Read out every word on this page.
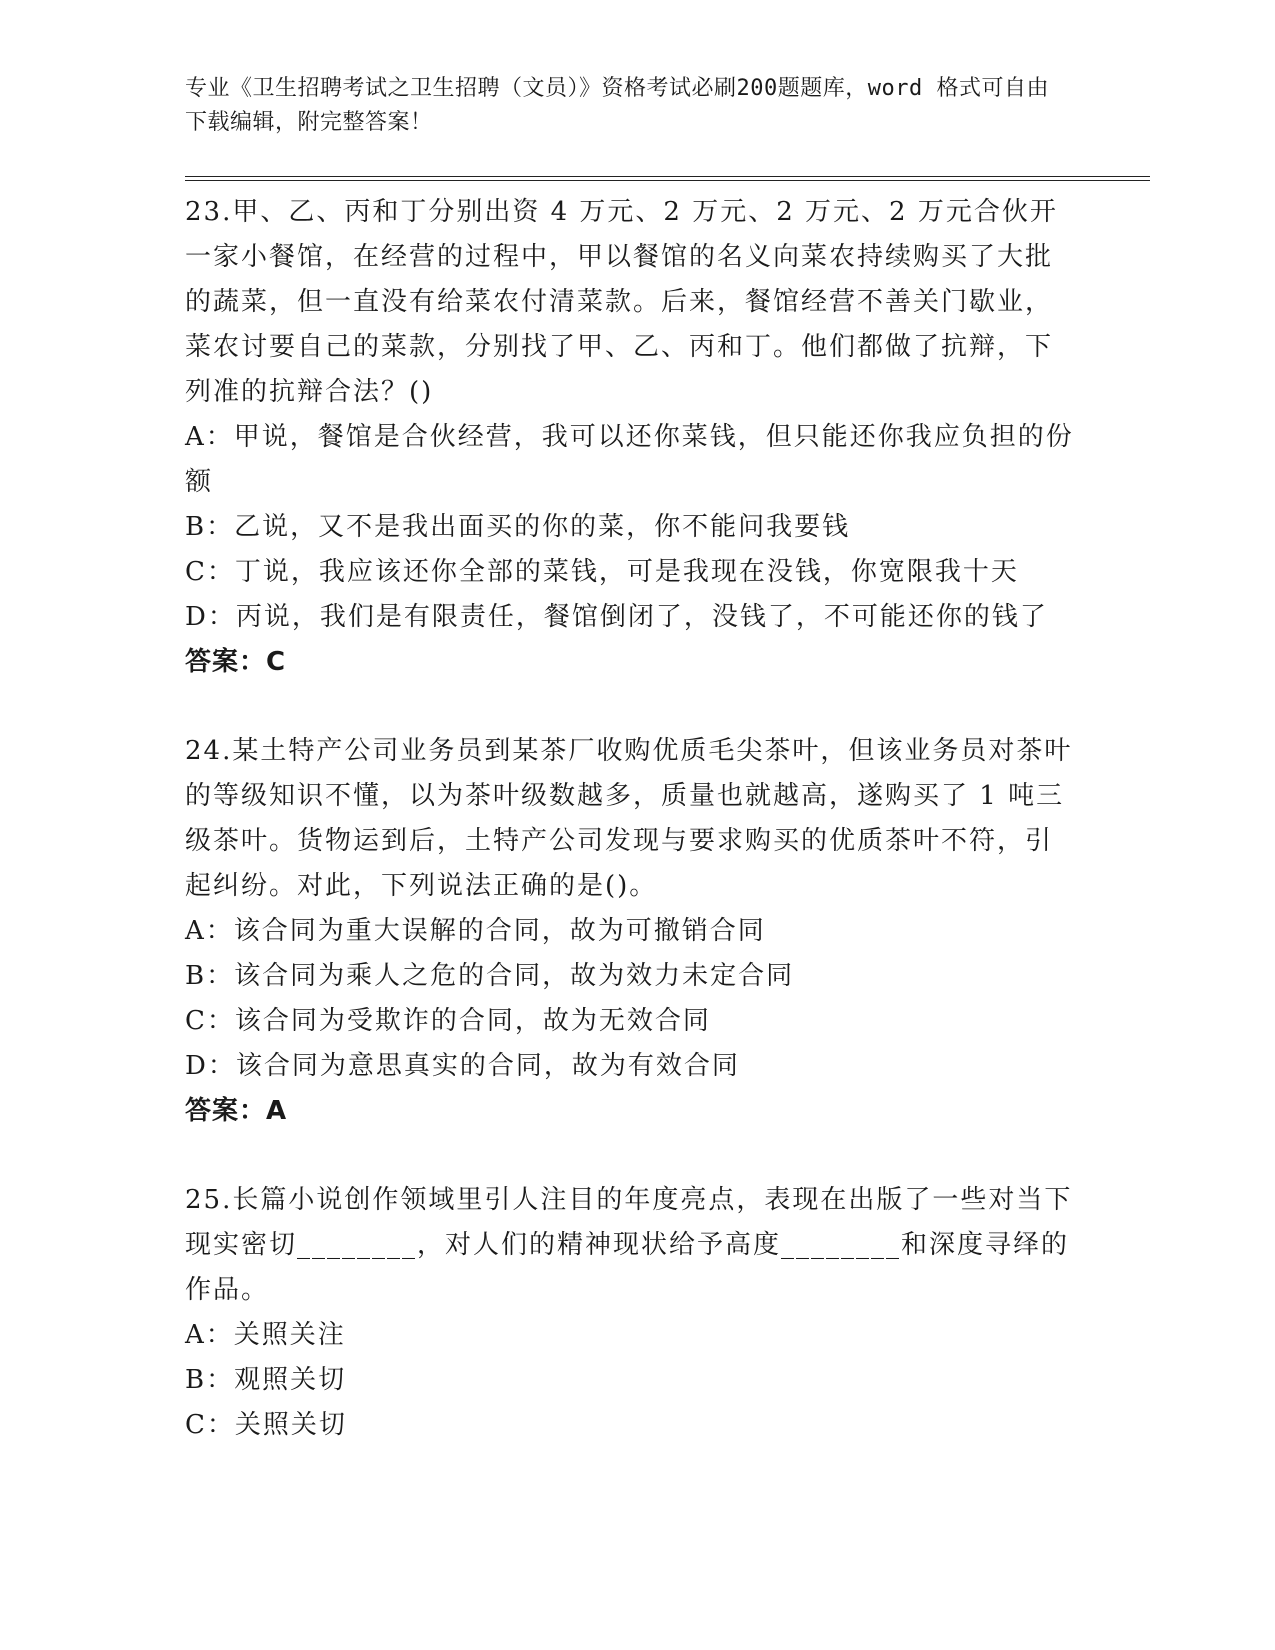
专业《卫生招聘考试之卫生招聘（文员）》资格考试必刷200题题库，word 格式可自由下载编辑，附完整答案！

23.甲、乙、丙和丁分别出资 4 万元、2 万元、2 万元、2 万元合伙开一家小餐馆，在经营的过程中，甲以餐馆的名义向菜农持续购买了大批的蔬菜，但一直没有给菜农付清菜款。后来，餐馆经营不善关门歇业，菜农讨要自己的菜款，分别找了甲、乙、丙和丁。他们都做了抗辩，下列准的抗辩合法？()

A：甲说，餐馆是合伙经营，我可以还你菜钱，但只能还你我应负担的份额

B：乙说，又不是我出面买的你的菜，你不能问我要钱

C：丁说，我应该还你全部的菜钱，可是我现在没钱，你宽限我十天

D：丙说，我们是有限责任，餐馆倒闭了，没钱了，不可能还你的钱了

答案：C

24.某土特产公司业务员到某茶厂收购优质毛尖茶叶，但该业务员对茶叶的等级知识不懂，以为茶叶级数越多，质量也就越高，遂购买了 1 吨三级茶叶。货物运到后，土特产公司发现与要求购买的优质茶叶不符，引起纠纷。对此，下列说法正确的是()。

A：该合同为重大误解的合同，故为可撤销合同

B：该合同为乘人之危的合同，故为效力未定合同

C：该合同为受欺诈的合同，故为无效合同

D：该合同为意思真实的合同，故为有效合同

答案：A

25.长篇小说创作领域里引人注目的年度亮点，表现在出版了一些对当下现实密切________，对人们的精神现状给予高度________和深度寻绎的作品。

A：关照关注

B：观照关切

C：关照关切
